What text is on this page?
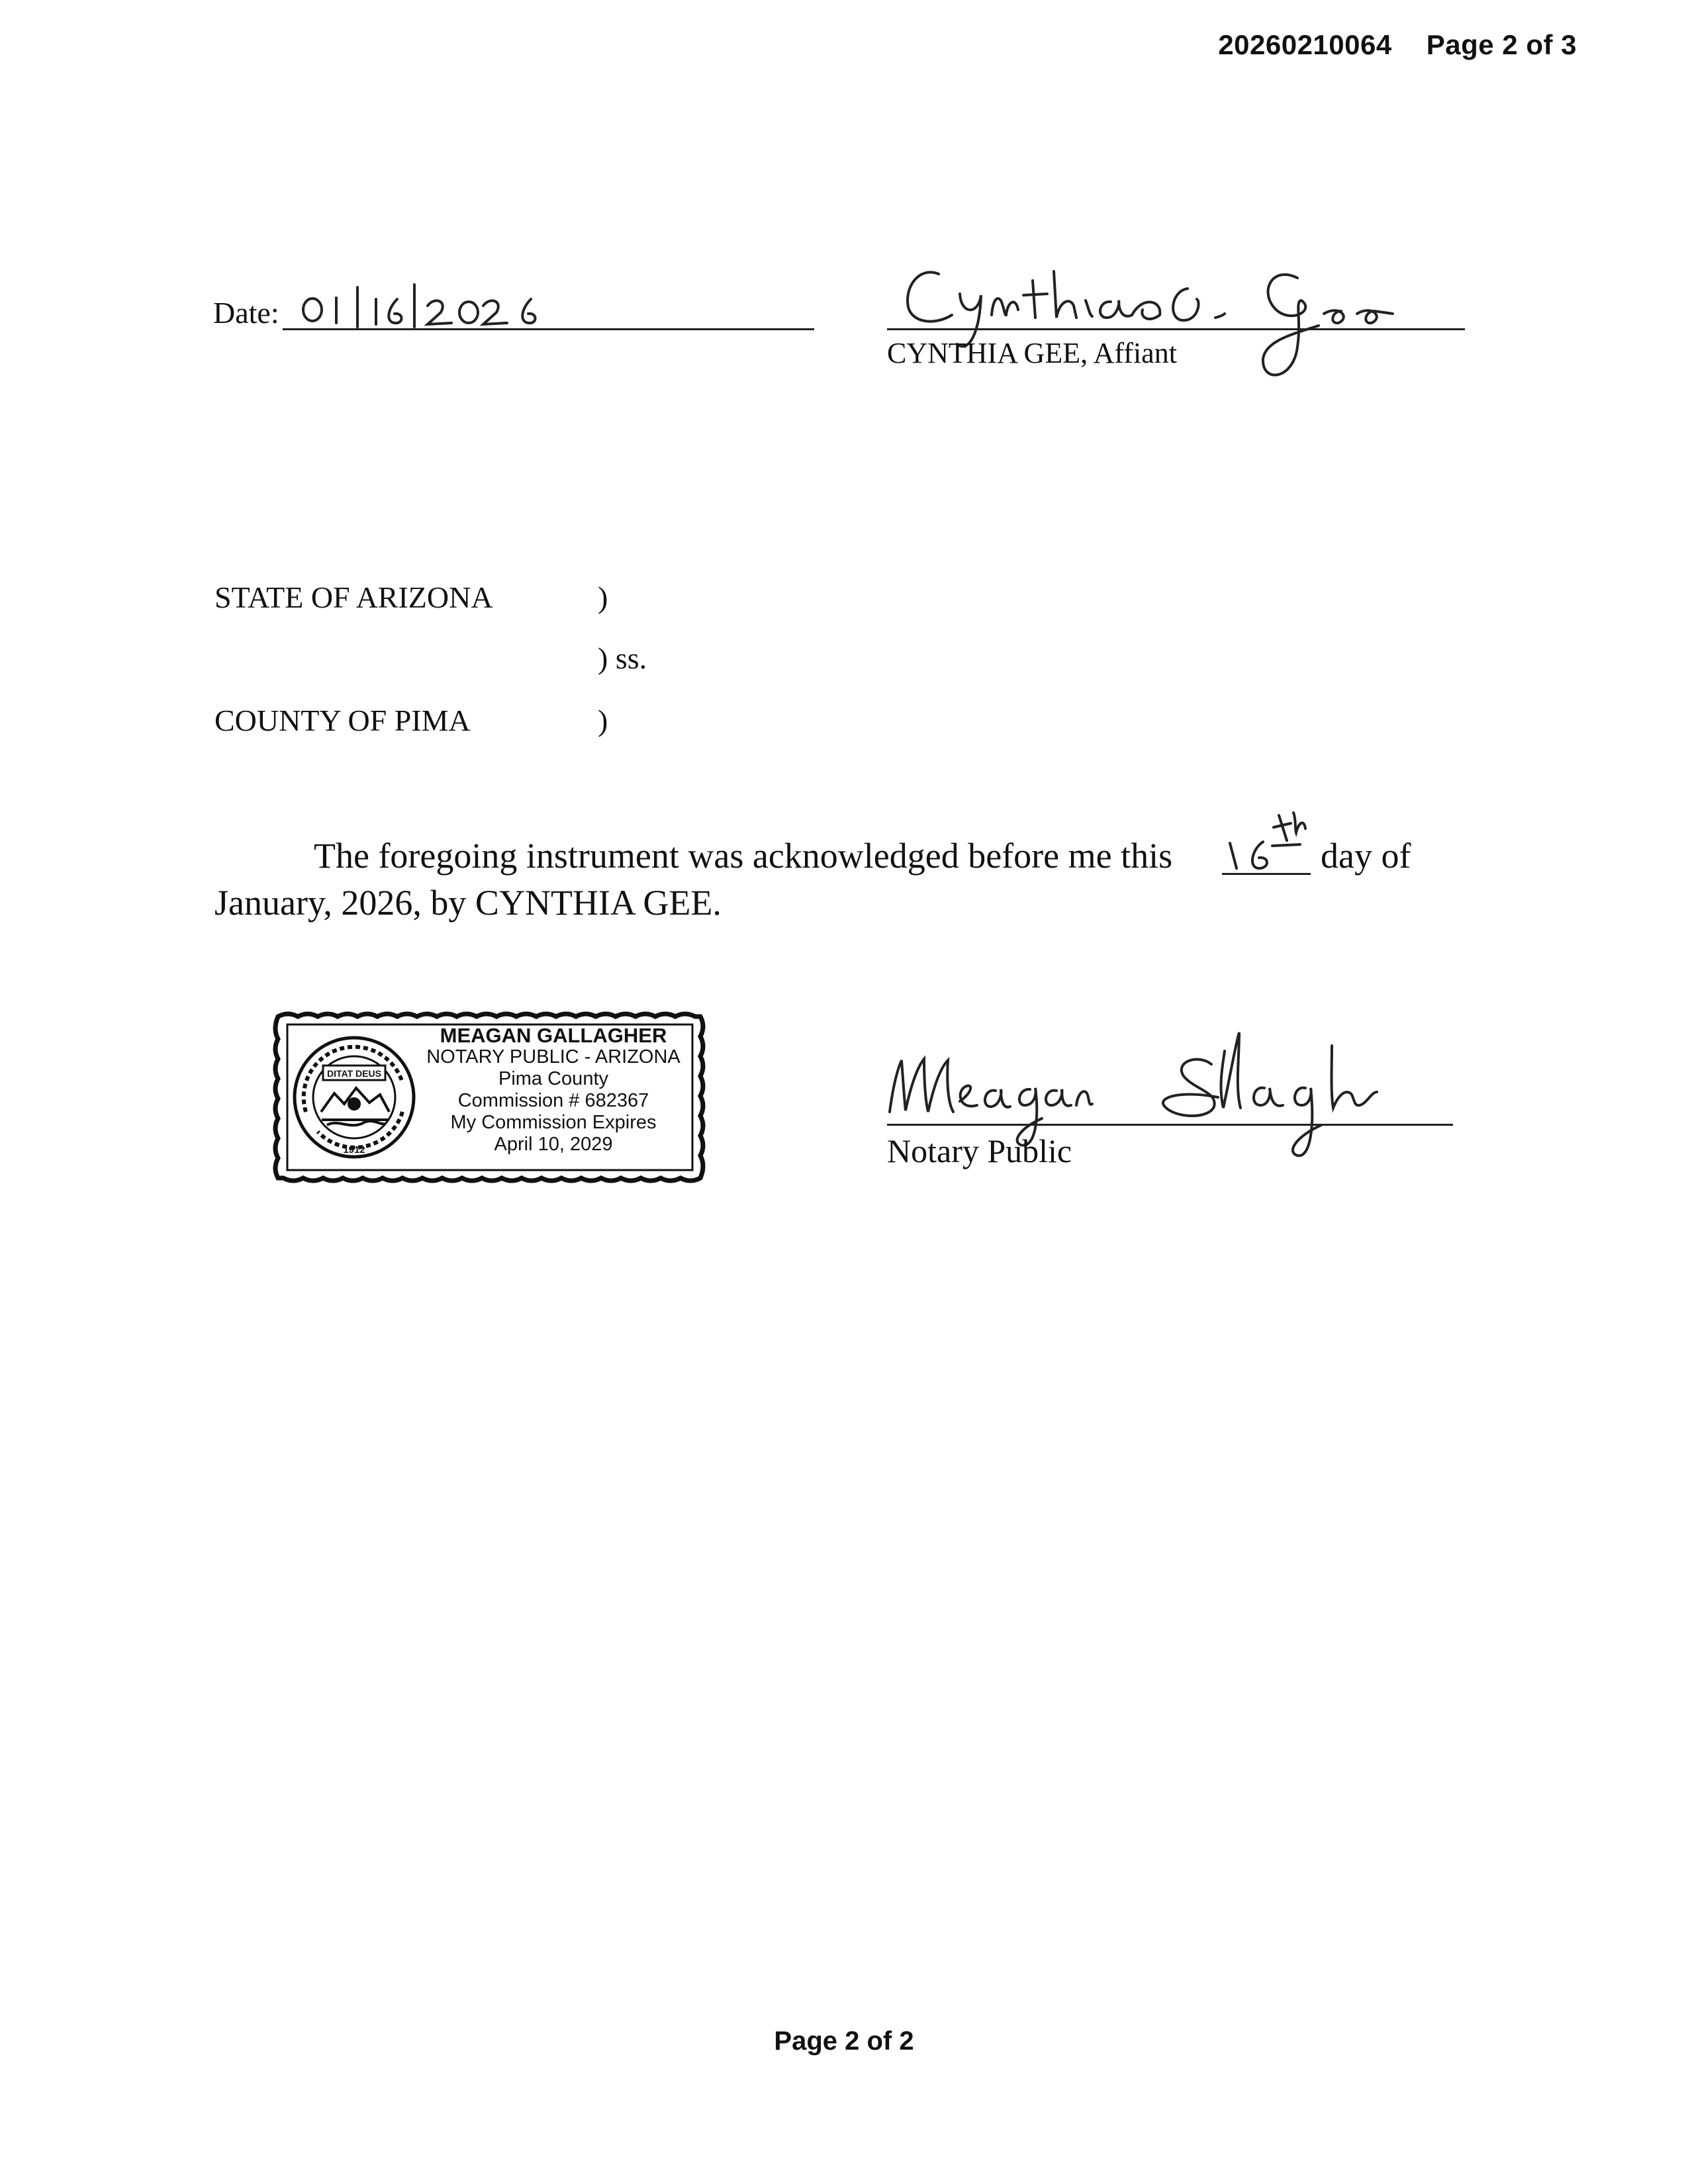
20260210064 Page 2 of 3
Date:
CYNTHIA GEE, Affiant
STATE OF ARIZONA	)
) ss.
COUNTY OF PIMA	)
The foregoing instrument was acknowledged before me this	day of
January, 2026, by CYNTHIA GEE.
DITAT DEUS
1912
MEAGAN GALLAGHER
NOTARY PUBLIC - ARIZONA
Pima County
Commission # 682367
My Commission Expires
April 10, 2029	Notary Public
Page 2 of 2
